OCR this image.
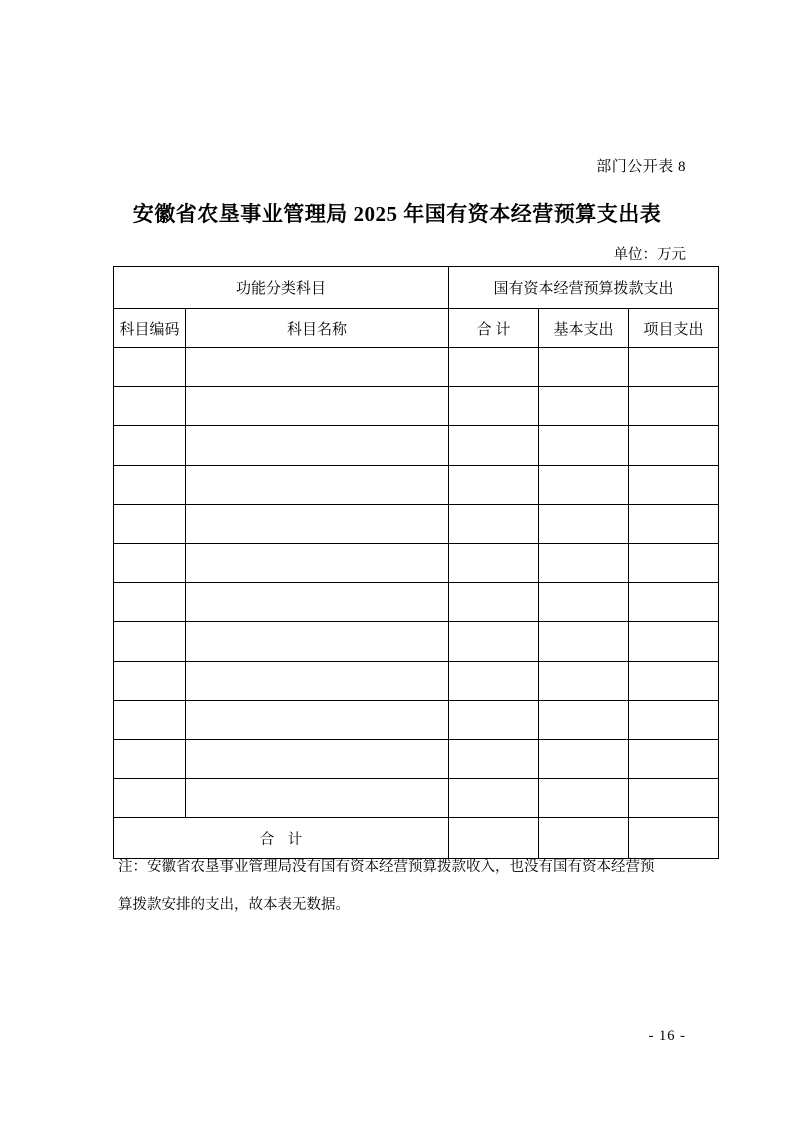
部门公开表 8
安徽省农垦事业管理局 2025 年国有资本经营预算支出表
单位：万元
功能分类科目		国有资本经营预算拨款支出		
科目编码	科目名称	合 计	基本支出	项目支出

合 计				
注：安徽省农垦事业管理局没有国有资本经营预算拨款收入，也没有国有资本经营预
算拨款安排的支出，故本表无数据。
- 16 -
